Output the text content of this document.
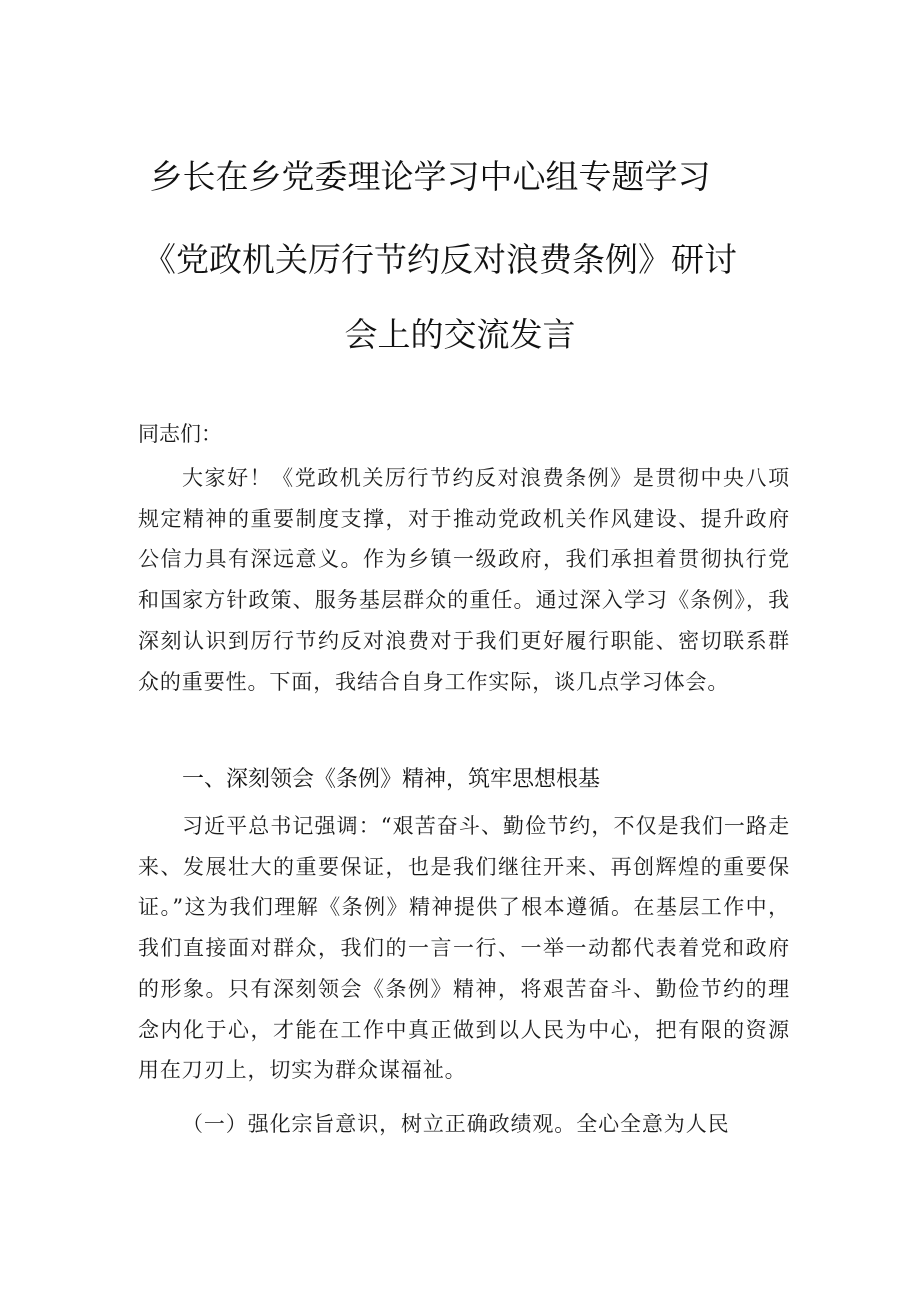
乡长在乡党委理论学习中心组专题学习
《党政机关厉行节约反对浪费条例》研讨
会上的交流发言
同志们：

大家好！《党政机关厉行节约反对浪费条例》是贯彻中央八项规定精神的重要制度支撑，对于推动党政机关作风建设、提升政府公信力具有深远意义。作为乡镇一级政府，我们承担着贯彻执行党和国家方针政策、服务基层群众的重任。通过深入学习《条例》，我深刻认识到厉行节约反对浪费对于我们更好履行职能、密切联系群众的重要性。下面，我结合自身工作实际，谈几点学习体会。

一、深刻领会《条例》精神，筑牢思想根基

习近平总书记强调：“艰苦奋斗、勤俭节约，不仅是我们一路走来、发展壮大的重要保证，也是我们继往开来、再创辉煌的重要保证。”这为我们理解《条例》精神提供了根本遵循。在基层工作中，我们直接面对群众，我们的一言一行、一举一动都代表着党和政府的形象。只有深刻领会《条例》精神，将艰苦奋斗、勤俭节约的理念内化于心，才能在工作中真正做到以人民为中心，把有限的资源用在刀刃上，切实为群众谋福祉。

（一）强化宗旨意识，树立正确政绩观。全心全意为人民
